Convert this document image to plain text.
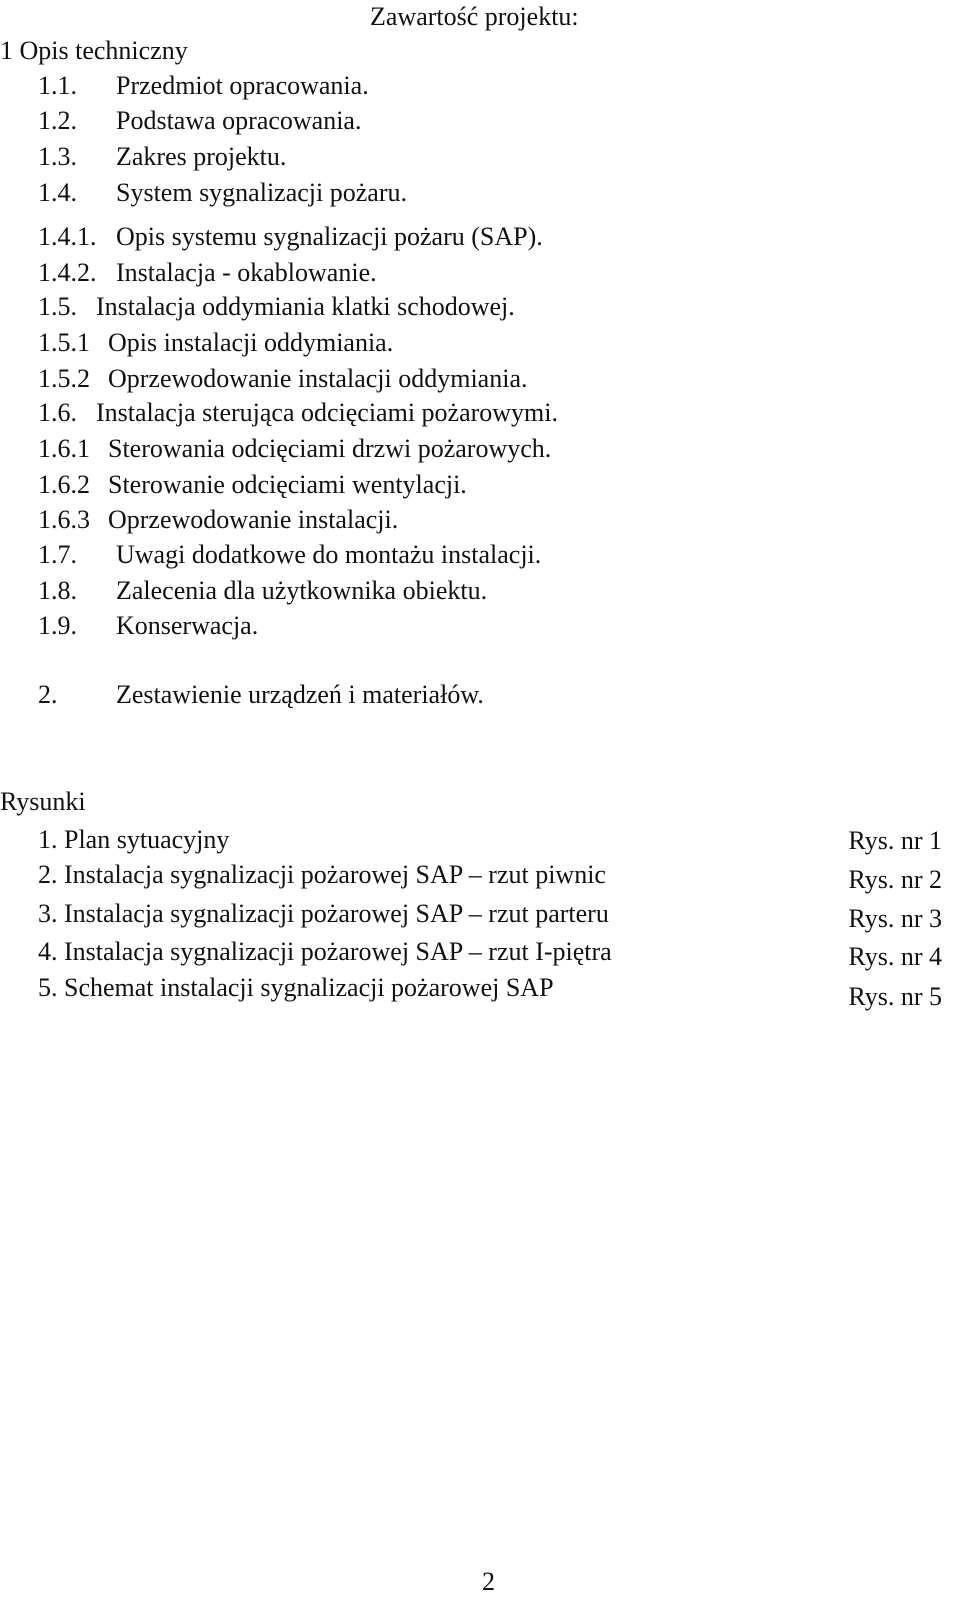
Zawartość projektu:
1 Opis techniczny
1.1. Przedmiot opracowania.
1.2. Podstawa opracowania.
1.3. Zakres projektu.
1.4. System sygnalizacji pożaru.
1.4.1. Opis systemu sygnalizacji pożaru (SAP).
1.4.2. Instalacja - okablowanie.
1.5. Instalacja oddymiania klatki schodowej.
1.5.1 Opis instalacji oddymiania.
1.5.2 Oprzewodowanie instalacji oddymiania.
1.6. Instalacja sterująca odcięciami pożarowymi.
1.6.1 Sterowania odcięciami drzwi pożarowych.
1.6.2 Sterowanie odcięciami wentylacji.
1.6.3 Oprzewodowanie instalacji.
1.7. Uwagi dodatkowe do montażu instalacji.
1.8. Zalecenia dla użytkownika obiektu.
1.9. Konserwacja.
2. Zestawienie urządzeń i materiałów.
Rysunki
1. Plan sytuacyjny	Rys. nr 1
2. Instalacja sygnalizacji pożarowej SAP – rzut piwnic	Rys. nr 2
3. Instalacja sygnalizacji pożarowej SAP – rzut parteru	Rys. nr 3
4. Instalacja sygnalizacji pożarowej SAP – rzut I-piętra	Rys. nr 4
5. Schemat instalacji sygnalizacji pożarowej SAP	Rys. nr 5
2
